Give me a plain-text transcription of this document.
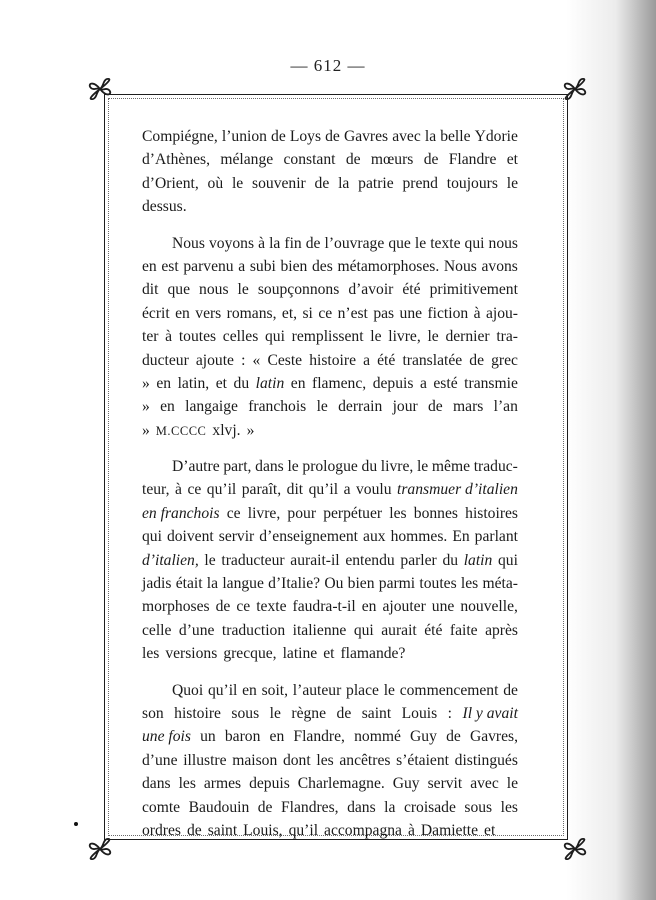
— 612 —
Compiégne, l’union de Loys de Gavres avec la belle Ydorie
d’Athènes, mélange constant de mœurs de Flandre et
d’Orient, où le souvenir de la patrie prend toujours le
dessus.
Nous voyons à la fin de l’ouvrage que le texte qui nous
en est parvenu a subi bien des métamorphoses. Nous avons
dit que nous le soupçonnons d’avoir été primitivement
écrit en vers romans, et, si ce n’est pas une fiction à ajou-
ter à toutes celles qui remplissent le livre, le dernier tra-
ducteur ajoute : « Ceste histoire a été translatée de grec
» en latin, et du latin en flamenc, depuis a esté transmie
» en langaige franchois le derrain jour de mars l’an
» M.CCCC xlvj. »
D’autre part, dans le prologue du livre, le même traduc-
teur, à ce qu’il paraît, dit qu’il a voulu transmuer d’italien
en franchois ce livre, pour perpétuer les bonnes histoires
qui doivent servir d’enseignement aux hommes. En parlant
d’italien, le traducteur aurait-il entendu parler du latin qui
jadis était la langue d’Italie? Ou bien parmi toutes les méta-
morphoses de ce texte faudra-t-il en ajouter une nouvelle,
celle d’une traduction italienne qui aurait été faite après
les versions grecque, latine et flamande?
Quoi qu’il en soit, l’auteur place le commencement de
son histoire sous le règne de saint Louis : Il y avait
une fois un baron en Flandre, nommé Guy de Gavres,
d’une illustre maison dont les ancêtres s’étaient distingués
dans les armes depuis Charlemagne. Guy servit avec le
comte Baudouin de Flandres, dans la croisade sous les
ordres de saint Louis, qu’il accompagna à Damiette et
